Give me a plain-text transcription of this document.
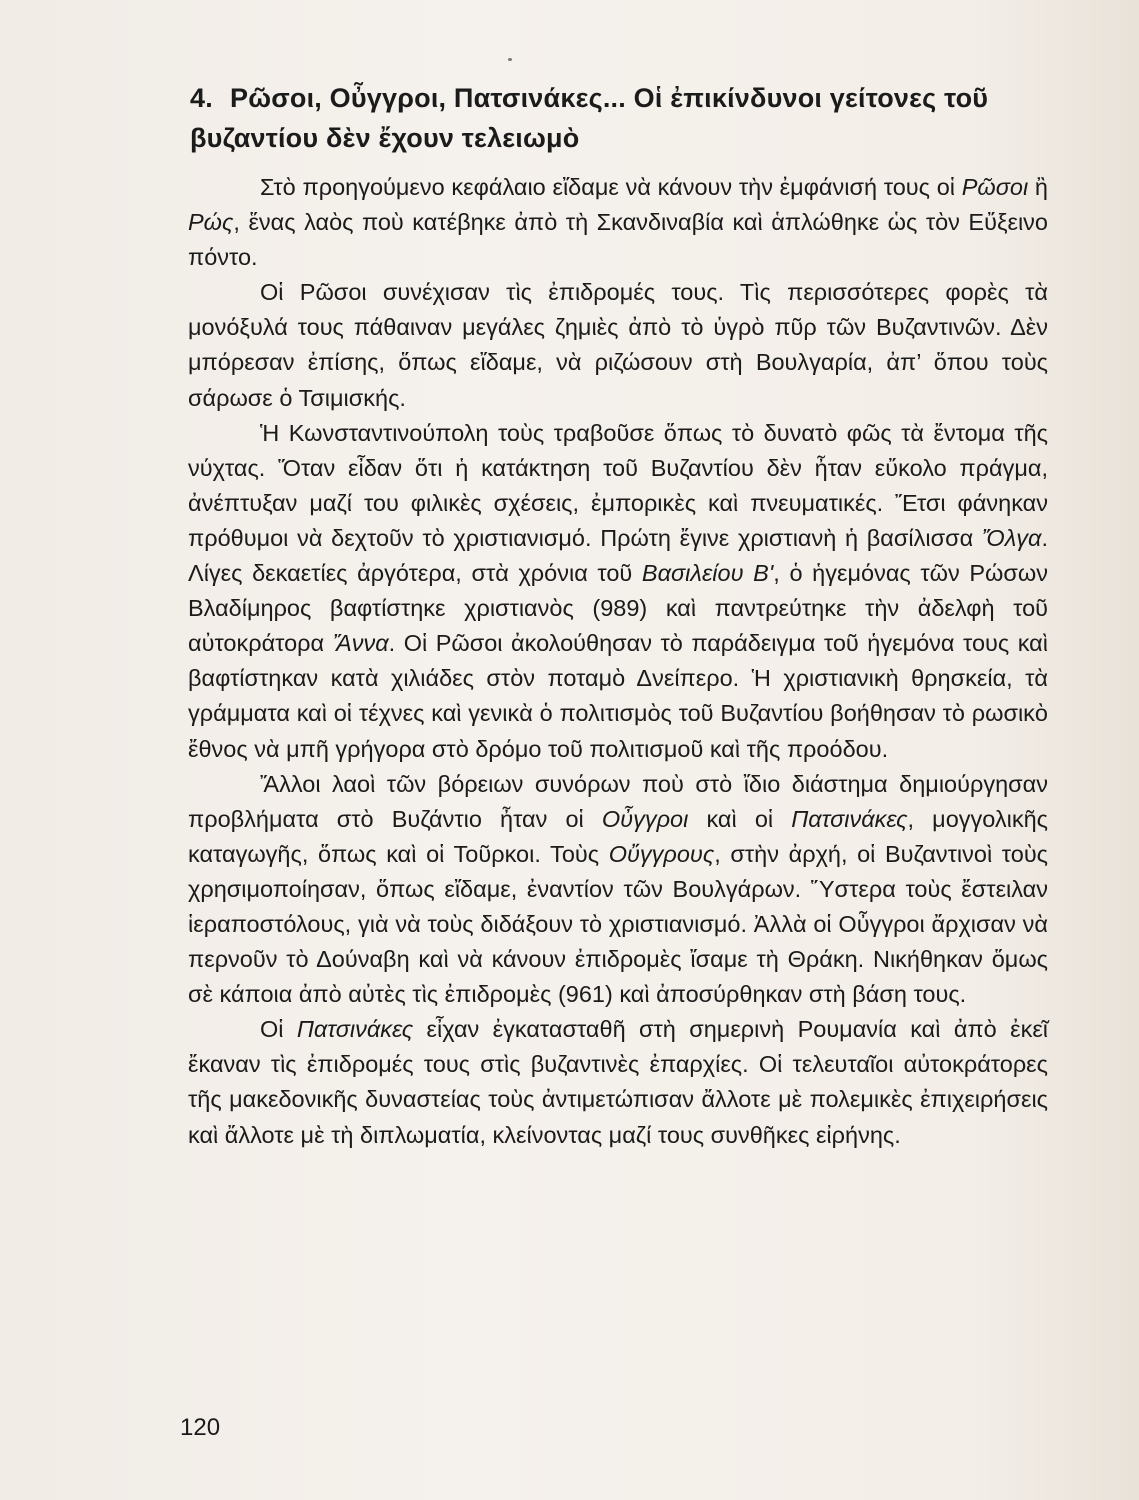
4. Ρῶσοι, Οὖγγροι, Πατσινάκες... Οἱ ἐπικίνδυνοι γείτονες τοῦ βυζαντίου δὲν ἔχουν τελειωμὸ

Στὸ προηγούμενο κεφάλαιο εἴδαμε νὰ κάνουν τὴν ἐμφάνισή τους οἱ Ρῶσοι ἢ Ρώς, ἕνας λαὸς ποὺ κατέβηκε ἀπὸ τὴ Σκανδιναβία καὶ ἁπλώθηκε ὡς τὸν Εὔξεινο πόντο.

Οἱ Ρῶσοι συνέχισαν τὶς ἐπιδρομές τους. Τὶς περισσότερες φορὲς τὰ μονόξυλά τους πάθαιναν μεγάλες ζημιὲς ἀπὸ τὸ ὑγρὸ πῦρ τῶν Βυζαντινῶν. Δὲν μπόρεσαν ἐπίσης, ὅπως εἴδαμε, νὰ ριζώσουν στὴ Βουλγαρία, ἀπ’ ὅπου τοὺς σάρωσε ὁ Τσιμισκής.

Ἡ Κωνσταντινούπολη τοὺς τραβοῦσε ὅπως τὸ δυνατὸ φῶς τὰ ἔντομα τῆς νύχτας. Ὅταν εἶδαν ὅτι ἡ κατάκτηση τοῦ Βυζαντίου δὲν ἦταν εὔκολο πράγμα, ἀνέπτυξαν μαζί του φιλικὲς σχέσεις, ἐμπορικὲς καὶ πνευματικές. Ἔτσι φάνηκαν πρόθυμοι νὰ δεχτοῦν τὸ χριστιανισμό. Πρώτη ἔγινε χριστιανὴ ἡ βασίλισσα Ὄλγα. Λίγες δεκαετίες ἀργότερα, στὰ χρόνια τοῦ Βασιλείου Β', ὁ ἡγεμόνας τῶν Ρώσων Βλαδίμηρος βαφτίστηκε χριστιανὸς (989) καὶ παντρεύτηκε τὴν ἀδελφὴ τοῦ αὐτοκράτορα Ἄννα. Οἱ Ρῶσοι ἀκολούθησαν τὸ παράδειγμα τοῦ ἡγεμόνα τους καὶ βαφτίστηκαν κατὰ χιλιάδες στὸν ποταμὸ Δνείπερο. Ἡ χριστιανικὴ θρησκεία, τὰ γράμματα καὶ οἱ τέχνες καὶ γενικὰ ὁ πολιτισμὸς τοῦ Βυζαντίου βοήθησαν τὸ ρωσικὸ ἔθνος νὰ μπῆ γρήγορα στὸ δρόμο τοῦ πολιτισμοῦ καὶ τῆς προόδου.

Ἄλλοι λαοὶ τῶν βόρειων συνόρων ποὺ στὸ ἴδιο διάστημα δημιούργησαν προβλήματα στὸ Βυζάντιο ἦταν οἱ Οὖγγροι καὶ οἱ Πατσινάκες, μογγολικῆς καταγωγῆς, ὅπως καὶ οἱ Τοῦρκοι. Τοὺς Οὔγγρους, στὴν ἀρχή, οἱ Βυζαντινοὶ τοὺς χρησιμοποίησαν, ὅπως εἴδαμε, ἐναντίον τῶν Βουλγάρων. Ὕστερα τοὺς ἔστειλαν ἱεραποστόλους, γιὰ νὰ τοὺς διδάξουν τὸ χριστιανισμό. Ἀλλὰ οἱ Οὖγγροι ἄρχισαν νὰ περνοῦν τὸ Δούναβη καὶ νὰ κάνουν ἐπιδρομὲς ἴσαμε τὴ Θράκη. Νικήθηκαν ὅμως σὲ κάποια ἀπὸ αὐτὲς τὶς ἐπιδρομὲς (961) καὶ ἀποσύρθηκαν στὴ βάση τους.

Οἱ Πατσινάκες εἶχαν ἐγκατασταθῆ στὴ σημερινὴ Ρουμανία καὶ ἀπὸ ἐκεῖ ἔκαναν τὶς ἐπιδρομές τους στὶς βυζαντινὲς ἐπαρχίες. Οἱ τελευταῖοι αὐτοκράτορες τῆς μακεδονικῆς δυναστείας τοὺς ἀντιμετώπισαν ἄλλοτε μὲ πολεμικὲς ἐπιχειρήσεις καὶ ἄλλοτε μὲ τὴ διπλωματία, κλείνοντας μαζί τους συνθῆκες εἰρήνης.

120
